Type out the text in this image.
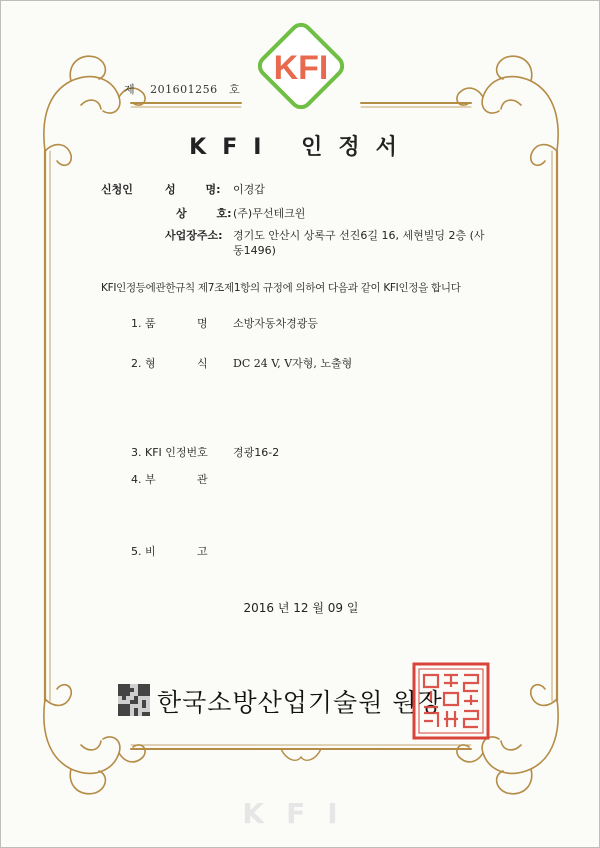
KFI
제 201601256 호
KFI 인정서
신청인	성 명: 이경갑
상 호: (주)무선테크윈
사업장주소: 경기도 안산시 상록구 선진6길 16, 세현빌딩 2층 (사
동1496)
KFI인정등에관한규칙 제7조제1항의 규정에 의하여 다음과 같이 KFI인정을 합니다
1. 품	명 소방자동차경광등
2. 형	식 DC 24 V, V자형, 노출형
3. KFI 인정번호 경광16-2
4. 부	관
5. 비	고
2016 년 12 월 09 일
한국소방산업기술원 원장
KFI
